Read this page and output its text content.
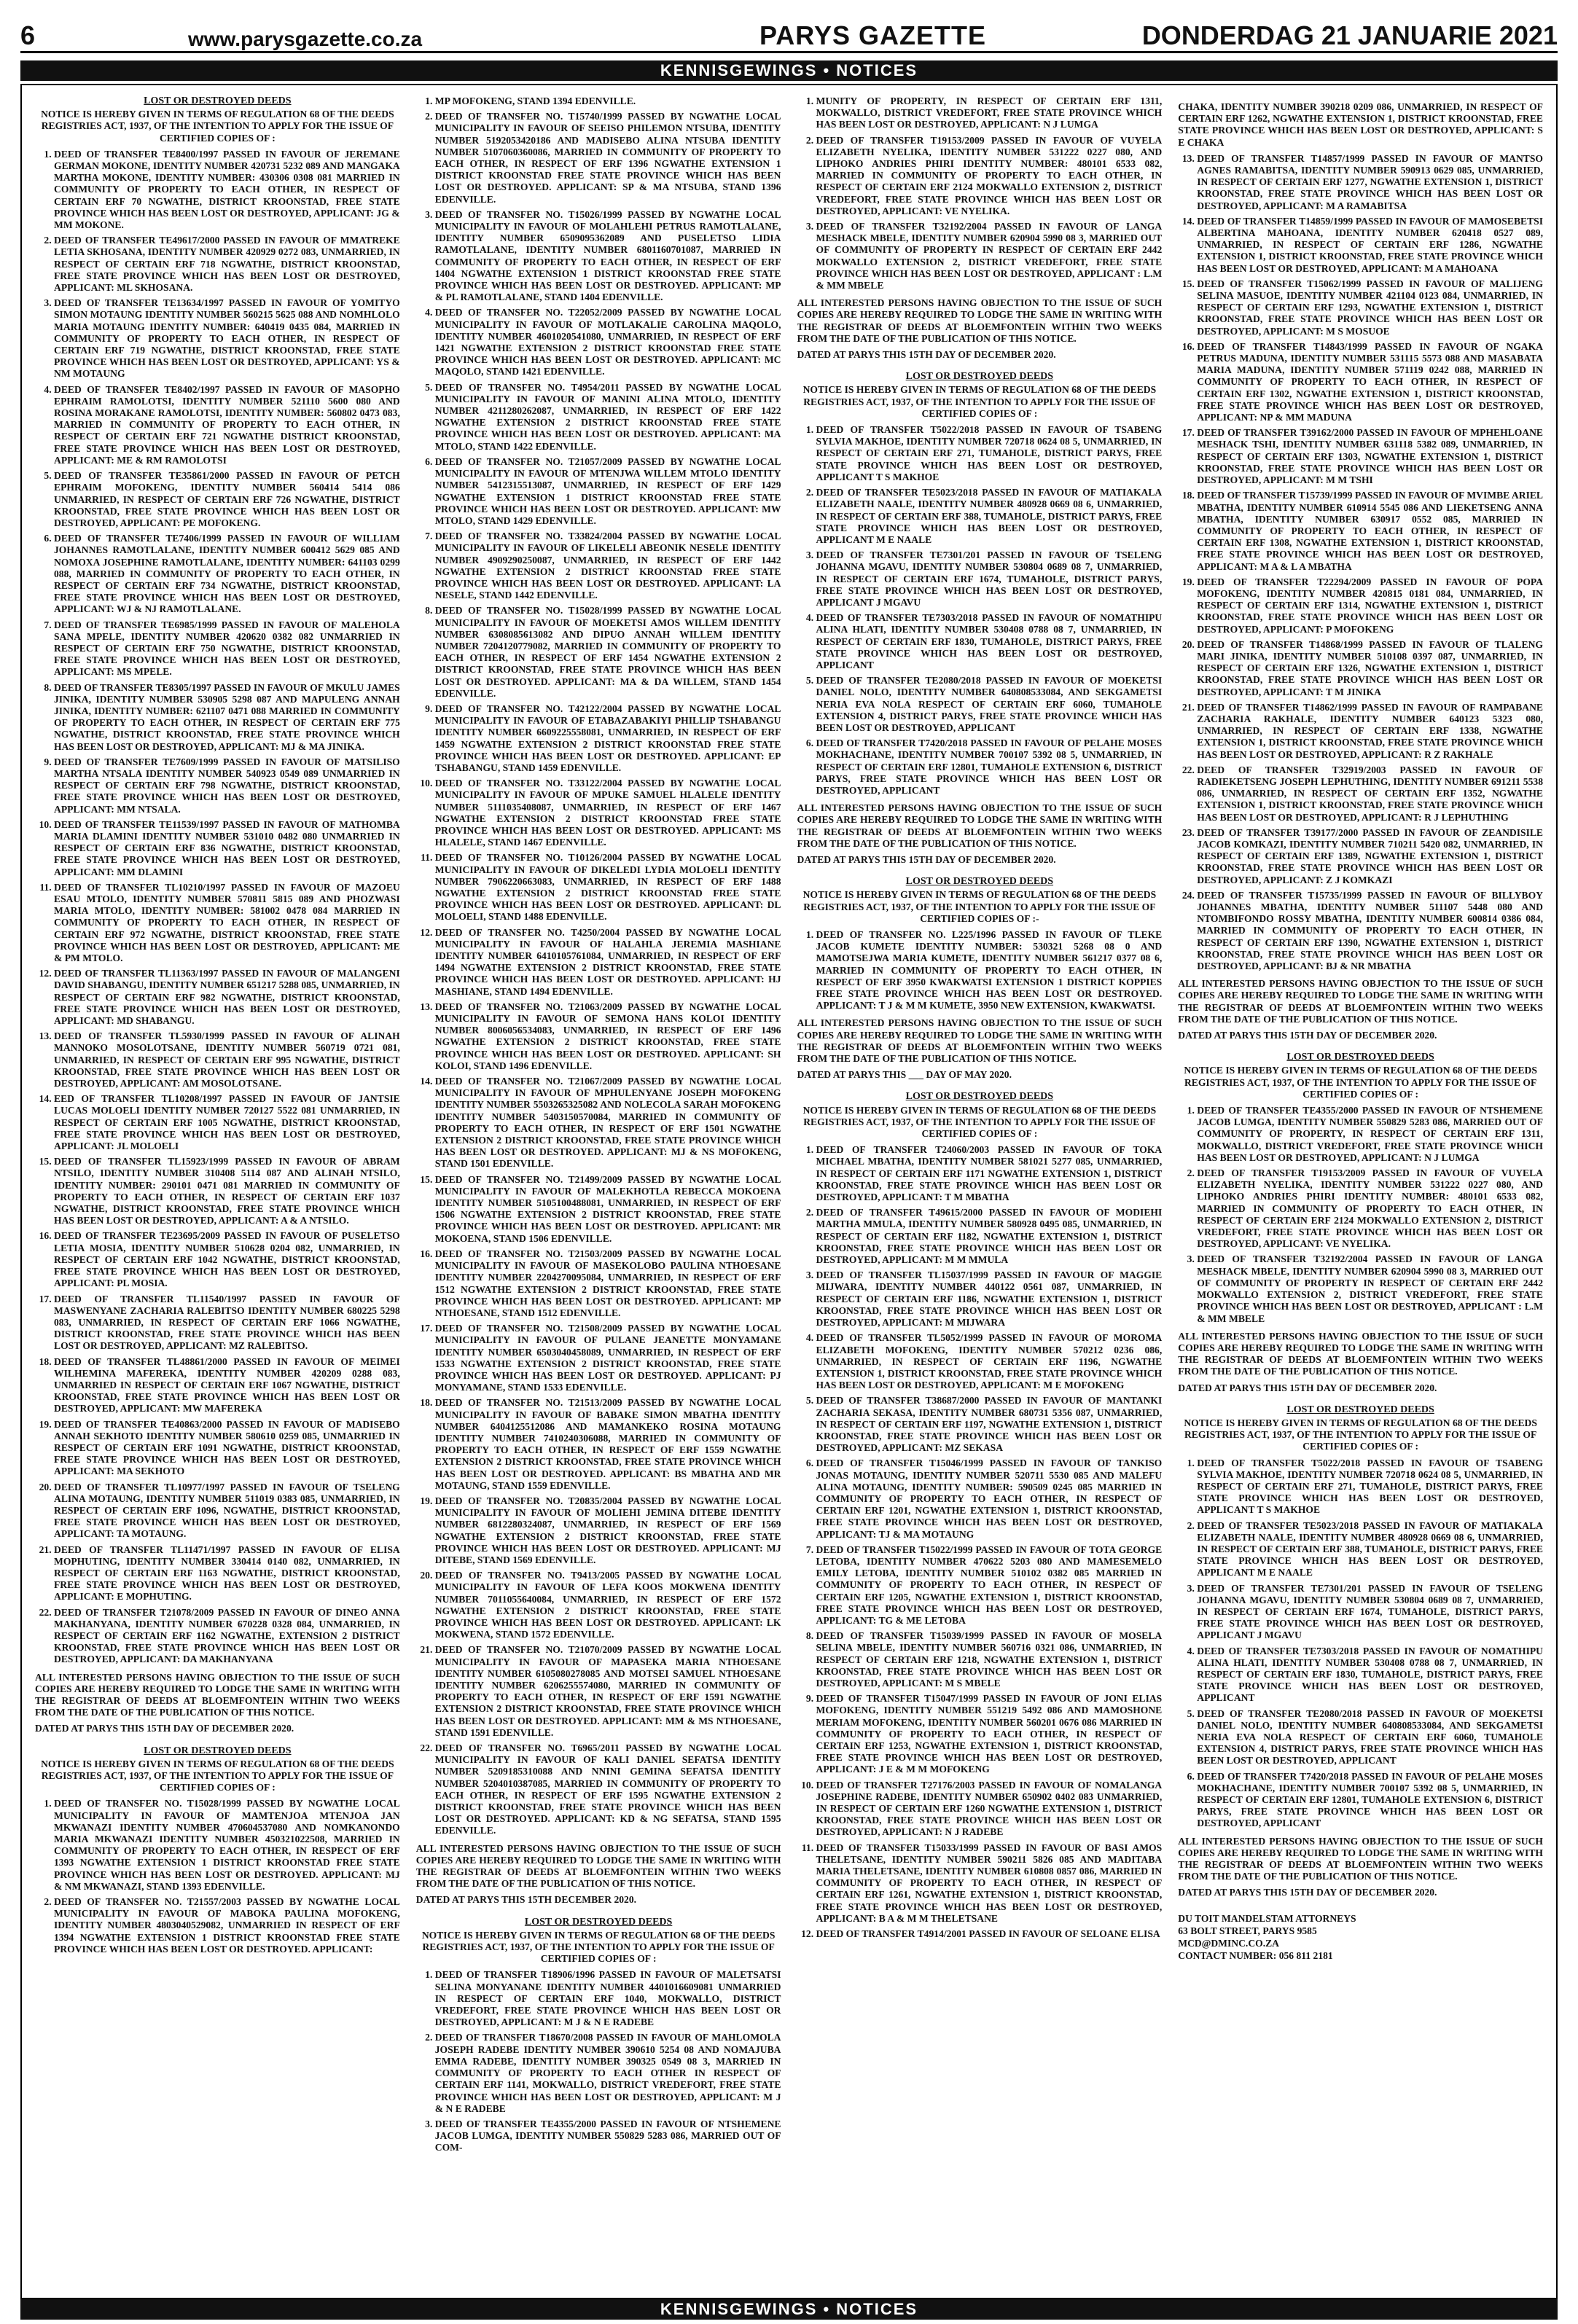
6	www.parysgazette.co.za	PARYS GAZETTE	DONDERDAG 21 JANUARIE 2021
KENNISGEWINGS • NOTICES
LOST OR DESTROYED DEEDS

NOTICE IS HEREBY GIVEN IN TERMS OF REGULATION 68 OF THE DEEDS REGISTRIES ACT, 1937, OF THE INTENTION TO APPLY FOR THE ISSUE OF CERTIFIED COPIES OF :

1. DEED OF TRANSFER TE8400/1997 PASSED IN FAVOUR OF JEREMANE GERMAN MOKONE, IDENTITY NUMBER 420731 5232 089 AND MANGAKA MARTHA MOKONE, IDENTITY NUMBER: 430306 0308 081 MARRIED IN COMMUNITY OF PROPERTY TO EACH OTHER, IN RESPECT OF CERTAIN ERF 70 NGWATHE, DISTRICT KROONSTAD, FREE STATE PROVINCE WHICH HAS BEEN LOST OR DESTROYED, APPLICANT: JG & MM MOKONE.
2. DEED OF TRANSFER TE49617/2000 PASSED IN FAVOUR OF MMATREKE LETIA SKHOSANA, IDENTITY NUMBER 420929 0272 083, UNMARRIED, IN RESPECT OF CERTAIN ERF 718 NGWATHE, DISTRICT KROONSTAD, FREE STATE PROVINCE WHICH HAS BEEN LOST OR DESTROYED, APPLICANT: ML SKHOSANA.
3. DEED OF TRANSFER TE13634/1997 PASSED IN FAVOUR OF YOMITYO SIMON MOTAUNG IDENTITY NUMBER 560215 5625 088 AND NOMHLOLO MARIA MOTAUNG IDENTITY NUMBER: 640419 0435 084, MARRIED IN COMMUNITY OF PROPERTY TO EACH OTHER, IN RESPECT OF CERTAIN ERF 719 NGWATHE, DISTRICT KROONSTAD, FREE STATE PROVINCE WHICH HAS BEEN LOST OR DESTROYED, APPLICANT: YS & NM MOTAUNG
4. DEED OF TRANSFER TE8402/1997 PASSED IN FAVOUR OF MASOPHO EPHRAIM RAMOLOTSI, IDENTITY NUMBER 521110 5600 080 AND ROSINA MORAKANE RAMOLOTSI, IDENTITY NUMBER: 560802 0473 083, MARRIED IN COMMUNITY OF PROPERTY TO EACH OTHER, IN RESPECT OF CERTAIN ERF 721 NGWATHE DISTRICT KROONSTAD, FREE STATE PROVINCE WHICH HAS BEEN LOST OR DESTROYED, APPLICANT: ME & RM RAMOLOTSI
5. DEED OF TRANSFER TE35861/2000 PASSED IN FAVOUR OF PETCH EPHRAIM MOFOKENG, IDENTITY NUMBER 560414 5414 086 UNMARRIED, IN RESPECT OF CERTAIN ERF 726 NGWATHE, DISTRICT KROONSTAD, FREE STATE PROVINCE WHICH HAS BEEN LOST OR DESTROYED, APPLICANT: PE MOFOKENG.
6. DEED OF TRANSFER TE7406/1999 PASSED IN FAVOUR OF WILLIAM JOHANNES RAMOTLALANE, IDENTITY NUMBER 600412 5629 085 AND NOMOXA JOSEPHINE RAMOTLALANE, IDENTITY NUMBER: 641103 0299 088, MARRIED IN COMMUNITY OF PROPERTY TO EACH OTHER, IN RESPECT OF CERTAIN ERF 734 NGWATHE, DISTRICT KROONSTAD, FREE STATE PROVINCE WHICH HAS BEEN LOST OR DESTROYED, APPLICANT: WJ & NJ RAMOTLALANE.
7. DEED OF TRANSFER TE6985/1999 PASSED IN FAVOUR OF MALEHOLA SANA MPELE, IDENTITY NUMBER 420620 0382 082 UNMARRIED IN RESPECT OF CERTAIN ERF 750 NGWATHE, DISTRICT KROONSTAD, FREE STATE PROVINCE WHICH HAS BEEN LOST OR DESTROYED, APPLICANT: MS MPELE.
8. DEED OF TRANSFER TE8305/1997 PASSED IN FAVOUR OF MKULU JAMES JINIKA, IDENTITY NUMBER 530905 5298 087 AND MAPULENG ANNAH JINIKA, IDENTITY NUMBER: 621107 0471 088 MARRIED IN COMMUNITY OF PROPERTY TO EACH OTHER, IN RESPECT OF CERTAIN ERF 775 NGWATHE, DISTRICT KROONSTAD, FREE STATE PROVINCE WHICH HAS BEEN LOST OR DESTROYED, APPLICANT: MJ & MA JINIKA.
9. DEED OF TRANSFER TE7609/1999 PASSED IN FAVOUR OF MATSILISO MARTHA NTSALA IDENTITY NUMBER 540923 0549 089 UNMARRIED IN RESPECT OF CERTAIN ERF 798 NGWATHE, DISTRICT KROONSTAD, FREE STATE PROVINCE WHICH HAS BEEN LOST OR DESTROYED, APPLICANT: MM NTSALA.
10. DEED OF TRANSFER TE11539/1997 PASSED IN FAVOUR OF MATHOMBA MARIA DLAMINI IDENTITY NUMBER 531010 0482 080 UNMARRIED IN RESPECT OF CERTAIN ERF 836 NGWATHE, DISTRICT KROONSTAD, FREE STATE PROVINCE WHICH HAS BEEN LOST OR DESTROYED, APPLICANT: MM DLAMINI
11. DEED OF TRANSFER TL10210/1997 PASSED IN FAVOUR OF MAZOEU ESAU MTOLO, IDENTITY NUMBER 570811 5815 089 AND PHOZWASI MARIA MTOLO, IDENTITY NUMBER: 581002 0478 084 MARRIED IN COMMUNITY OF PROPERTY TO EACH OTHER, IN RESPECT OF CERTAIN ERF 972 NGWATHE, DISTRICT KROONSTAD, FREE STATE PROVINCE WHICH HAS BEEN LOST OR DESTROYED, APPLICANT: ME & PM MTOLO.
12. DEED OF TRANSFER TL11363/1997 PASSED IN FAVOUR OF MALANGENI DAVID SHABANGU, IDENTITY NUMBER 651217 5288 085, UNMARRIED, IN RESPECT OF CERTAIN ERF 982 NGWATHE, DISTRICT KROONSTAD, FREE STATE PROVINCE WHICH HAS BEEN LOST OR DESTROYED, APPLICANT: MD SHABANGU.
13. DEED OF TRANSFER TL5930/1999 PASSED IN FAVOUR OF ALINAH MANNOKO MOSOLOTSANE, IDENTITY NUMBER 560719 0721 081, UNMARRIED, IN RESPECT OF CERTAIN ERF 995 NGWATHE, DISTRICT KROONSTAD, FREE STATE PROVINCE WHICH HAS BEEN LOST OR DESTROYED, APPLICANT: AM MOSOLOTSANE.
14. EED OF TRANSFER TL10208/1997 PASSED IN FAVOUR OF JANTSIE LUCAS MOLOELI IDENTITY NUMBER 720127 5522 081 UNMARRIED, IN RESPECT OF CERTAIN ERF 1005 NGWATHE, DISTRICT KROONSTAD, FREE STATE PROVINCE WHICH HAS BEEN LOST OR DESTROYED, APPLICANT: JL MOLOELI
15. DEED OF TRANSFER TL15923/1999 PASSED IN FAVOUR OF ABRAM NTSILO, IDENTITY NUMBER 310408 5114 087 AND ALINAH NTSILO, IDENTITY NUMBER: 290101 0471 081 MARRIED IN COMMUNITY OF PROPERTY TO EACH OTHER, IN RESPECT OF CERTAIN ERF 1037 NGWATHE, DISTRICT KROONSTAD, FREE STATE PROVINCE WHICH HAS BEEN LOST OR DESTROYED, APPLICANT: A & A NTSILO.
16. DEED OF TRANSFER TE23695/2009 PASSED IN FAVOUR OF PUSELETSO LETIA MOSIA, IDENTITY NUMBER 510628 0204 082, UNMARRIED, IN RESPECT OF CERTAIN ERF 1042 NGWATHE, DISTRICT KROONSTAD, FREE STATE PROVINCE WHICH HAS BEEN LOST OR DESTROYED, APPLICANT: PL MOSIA.
17. DEED OF TRANSFER TL11540/1997 PASSED IN FAVOUR OF MASWENYANE ZACHARIA RALEBITSO IDENTITY NUMBER 680225 5298 083, UNMARRIED, IN RESPECT OF CERTAIN ERF 1066 NGWATHE, DISTRICT KROONSTAD, FREE STATE PROVINCE WHICH HAS BEEN LOST OR DESTROYED, APPLICANT: MZ RALEBITSO.
18. DEED OF TRANSFER TL48861/2000 PASSED IN FAVOUR OF MEIMEI WILHEMINA MAFEREKA, IDENTITY NUMBER 420209 0288 083, UNMARRIED IN RESPECT OF CERTAIN ERF 1067 NGWATHE, DISTRICT KROONSTAD, FREE STATE PROVINCE WHICH HAS BEEN LOST OR DESTROYED, APPLICANT: MW MAFEREKA
19. DEED OF TRANSFER TE40863/2000 PASSED IN FAVOUR OF MADISEBO ANNAH SEKHOTO IDENTITY NUMBER 580610 0259 085, UNMARRIED IN RESPECT OF CERTAIN ERF 1091 NGWATHE, DISTRICT KROONSTAD, FREE STATE PROVINCE WHICH HAS BEEN LOST OR DESTROYED, APPLICANT: MA SEKHOTO
20. DEED OF TRANSFER TL10977/1997 PASSED IN FAVOUR OF TSELENG ALINA MOTAUNG, IDENTITY NUMBER 511019 0383 085, UNMARRIED, IN RESPECT OF CERTAIN ERF 1096, NGWATHE, DISTRICT KROONSTAD, FREE STATE PROVINCE WHICH HAS BEEN LOST OR DESTROYED, APPLICANT: TA MOTAUNG.
21. DEED OF TRANSFER TL11471/1997 PASSED IN FAVOUR OF ELISA MOPHUTING, IDENTITY NUMBER 330414 0140 082, UNMARRIED, IN RESPECT OF CERTAIN ERF 1163 NGWATHE, DISTRICT KROONSTAD, FREE STATE PROVINCE WHICH HAS BEEN LOST OR DESTROYED, APPLICANT: E MOPHUTING.
22. DEED OF TRANSFER T21078/2009 PASSED IN FAVOUR OF DINEO ANNA MAKHANYANA, IDENTITY NUMBER 670228 0328 084, UNMARRIED, IN RESPECT OF CERTAIN ERF 1162 NGWATHE, EXTENSION 2 DISTRICT KROONSTAD, FREE STATE PROVINCE WHICH HAS BEEN LOST OR DESTROYED, APPLICANT: DA MAKHANYANA

ALL INTERESTED PERSONS HAVING OBJECTION TO THE ISSUE OF SUCH COPIES ARE HEREBY REQUIRED TO LODGE THE SAME IN WRITING WITH THE REGISTRAR OF DEEDS AT BLOEMFONTEIN WITHIN TWO WEEKS FROM THE DATE OF THE PUBLICATION OF THIS NOTICE.

DATED AT PARYS THIS 15TH DAY OF DECEMBER 2020.

LOST OR DESTROYED DEEDS

NOTICE IS HEREBY GIVEN IN TERMS OF REGULATION 68 OF THE DEEDS REGISTRIES ACT, 1937, OF THE INTENTION TO APPLY FOR THE ISSUE OF CERTIFIED COPIES OF :

1. DEED OF TRANSFER NO. T15028/1999 PASSED BY NGWATHE LOCAL MUNICIPALITY IN FAVOUR OF MAMTENJOA MTENJOA JAN MKWANAZI IDENTITY NUMBER 470604537080 AND NOMKANONDO MARIA MKWANAZI IDENTITY NUMBER 450321022508, MARRIED IN COMMUNITY OF PROPERTY TO EACH OTHER, IN RESPECT OF ERF 1393 NGWATHE EXTENSION 1 DISTRICT KROONSTAD FREE STATE PROVINCE WHICH HAS BEEN LOST OR DESTROYED. APPLICANT: MJ & NM MKWANAZI, STAND 1393 EDENVILLE.
2. DEED OF TRANSFER NO. T21557/2003 PASSED BY NGWATHE LOCAL MUNICIPALITY IN FAVOUR OF MABOKA PAULINA MOFOKENG, IDENTITY NUMBER 4803040529082, UNMARRIED IN RESPECT OF ERF 1394 NGWATHE EXTENSION 1 DISTRICT KROONSTAD FREE STATE PROVINCE WHICH HAS BEEN LOST OR DESTROYED. APPLICANT:
1. MP MOFOKENG, STAND 1394 EDENVILLE.
2. DEED OF TRANSFER NO. T15740/1999 PASSED BY NGWATHE LOCAL MUNICIPALITY IN FAVOUR OF SEEISO PHILEMON NTSUBA, IDENTITY NUMBER 5192053420186 AND MADISEBO ALINA NTSUBA IDENTITY NUMBER 5107060360086, MARRIED IN COMMUNITY OF PROPERTY TO EACH OTHER, IN RESPECT OF ERF 1396 NGWATHE EXTENSION 1 DISTRICT KROONSTAD FREE STATE PROVINCE WHICH HAS BEEN LOST OR DESTROYED. APPLICANT: SP & MA NTSUBA, STAND 1396 EDENVILLE.
3. DEED OF TRANSFER NO. T15026/1999 PASSED BY NGWATHE LOCAL MUNICIPALITY IN FAVOUR OF MOLAHLEHI PETRUS RAMOTLALANE, IDENTITY NUMBER 6509095362089 AND PUSELETSO LIDIA RAMOTLALANE, IDENTITY NUMBER 6801160701087, MARRIED IN COMMUNITY OF PROPERTY TO EACH OTHER, IN RESPECT OF ERF 1404 NGWATHE EXTENSION 1 DISTRICT KROONSTAD FREE STATE PROVINCE WHICH HAS BEEN LOST OR DESTROYED. APPLICANT: MP & PL RAMOTLALANE, STAND 1404 EDENVILLE.
4. DEED OF TRANSFER NO. T22052/2009 PASSED BY NGWATHE LOCAL MUNICIPALITY IN FAVOUR OF MOTLAKALIE CAROLINA MAQOLO, IDENTITY NUMBER 4601020541080, UNMARRIED, IN RESPECT OF ERF 1421 NGWATHE EXTENSION 2 DISTRICT KROONSTAD FREE STATE PROVINCE WHICH HAS BEEN LOST OR DESTROYED. APPLICANT: MC MAQOLO, STAND 1421 EDENVILLE.
5. DEED OF TRANSFER NO. T4954/2011 PASSED BY NGWATHE LOCAL MUNICIPALITY IN FAVOUR OF MANINI ALINA MTOLO, IDENTITY NUMBER 4211280262087, UNMARRIED, IN RESPECT OF ERF 1422 NGWATHE EXTENSION 2 DISTRICT KROONSTAD FREE STATE PROVINCE WHICH HAS BEEN LOST OR DESTROYED. APPLICANT: MA MTOLO, STAND 1422 EDENVILLE.
6. DEED OF TRANSFER NO. T21057/2009 PASSED BY NGWATHE LOCAL MUNICIPALITY IN FAVOUR OF MTENJWA WILLEM MTOLO IDENTITY NUMBER 5412315513087, UNMARRIED, IN RESPECT OF ERF 1429 NGWATHE EXTENSION 1 DISTRICT KROONSTAD FREE STATE PROVINCE WHICH HAS BEEN LOST OR DESTROYED. APPLICANT: MW MTOLO, STAND 1429 EDENVILLE.
7. DEED OF TRANSFER NO. T33824/2004 PASSED BY NGWATHE LOCAL MUNICIPALITY IN FAVOUR OF LIKELELI ABEONIK NESELE IDENTITY NUMBER 4909290250087, UNMARRIED, IN RESPECT OF ERF 1442 NGWATHE EXTENSION 2 DISTRICT KROONSTAD FREE STATE PROVINCE WHICH HAS BEEN LOST OR DESTROYED. APPLICANT: LA NESELE, STAND 1442 EDENVILLE.
8. DEED OF TRANSFER NO. T15028/1999 PASSED BY NGWATHE LOCAL MUNICIPALITY IN FAVOUR OF MOEKETSI AMOS WILLEM IDENTITY NUMBER 6308085613082 AND DIPUO ANNAH WILLEM IDENTITY NUMBER 7204120779082, MARRIED IN COMMUNITY OF PROPERTY TO EACH OTHER, IN RESPECT OF ERF 1454 NGWATHE EXTENSION 2 DISTRICT KROONSTAD, FREE STATE PROVINCE WHICH HAS BEEN LOST OR DESTROYED. APPLICANT: MA & DA WILLEM, STAND 1454 EDENVILLE.
9. DEED OF TRANSFER NO. T42122/2004 PASSED BY NGWATHE LOCAL MUNICIPALITY IN FAVOUR OF ETABAZABAKIYI PHILLIP TSHABANGU IDENTITY NUMBER 6609225558081, UNMARRIED, IN RESPECT OF ERF 1459 NGWATHE EXTENSION 2 DISTRICT KROONSTAD FREE STATE PROVINCE WHICH HAS BEEN LOST OR DESTROYED. APPLICANT: EP TSHABANGU, STAND 1459 EDENVILLE.
10. DEED OF TRANSFER NO. T33122/2004 PASSED BY NGWATHE LOCAL MUNICIPALITY IN FAVOUR OF MPUKE SAMUEL HLALELE IDENTITY NUMBER 5111035408087, UNMARRIED, IN RESPECT OF ERF 1467 NGWATHE EXTENSION 2 DISTRICT KROONSTAD FREE STATE PROVINCE WHICH HAS BEEN LOST OR DESTROYED. APPLICANT: MS HLALELE, STAND 1467 EDENVILLE.
11. DEED OF TRANSFER NO. T10126/2004 PASSED BY NGWATHE LOCAL MUNICIPALITY IN FAVOUR OF DIKELEDI LYDIA MOLOELI IDENTITY NUMBER 7906220663083, UNMARRIED, IN RESPECT OF ERF 1488 NGWATHE EXTENSION 2 DISTRICT KROONSTAD FREE STATE PROVINCE WHICH HAS BEEN LOST OR DESTROYED. APPLICANT: DL MOLOELI, STAND 1488 EDENVILLE.
12. DEED OF TRANSFER NO. T4250/2004 PASSED BY NGWATHE LOCAL MUNICIPALITY IN FAVOUR OF HALAHLA JEREMIA MASHIANE IDENTITY NUMBER 6410105761084, UNMARRIED, IN RESPECT OF ERF 1494 NGWATHE EXTENSION 2 DISTRICT KROONSTAD, FREE STATE PROVINCE WHICH HAS BEEN LOST OR DESTROYED. APPLICANT: HJ MASHIANE, STAND 1494 EDENVILLE.
13. DEED OF TRANSFER NO. T21063/2009 PASSED BY NGWATHE LOCAL MUNICIPALITY IN FAVOUR OF SEMONA HANS KOLOI IDENTITY NUMBER 8006056534083, UNMARRIED, IN RESPECT OF ERF 1496 NGWATHE EXTENSION 2 DISTRICT KROONSTAD, FREE STATE PROVINCE WHICH HAS BEEN LOST OR DESTROYED. APPLICANT: SH KOLOI, STAND 1496 EDENVILLE.
14. DEED OF TRANSFER NO. T21067/2009 PASSED BY NGWATHE LOCAL MUNICIPALITY IN FAVOUR OF MPHULENYANE JOSEPH MOFOKENG IDENTITY NUMBER 5503265325082 AND NOLECOLA SARAH MOFOKENG IDENTITY NUMBER 5403150570084, MARRIED IN COMMUNITY OF PROPERTY TO EACH OTHER, IN RESPECT OF ERF 1501 NGWATHE EXTENSION 2 DISTRICT KROONSTAD, FREE STATE PROVINCE WHICH HAS BEEN LOST OR DESTROYED. APPLICANT: MJ & NS MOFOKENG, STAND 1501 EDENVILLE.
15. DEED OF TRANSFER NO. T21499/2009 PASSED BY NGWATHE LOCAL MUNICIPALITY IN FAVOUR OF MALEKHOTLA REBECCA MOKOENA IDENTITY NUMBER 5105100488081, UNMARRIED, IN RESPECT OF ERF 1506 NGWATHE EXTENSION 2 DISTRICT KROONSTAD, FREE STATE PROVINCE WHICH HAS BEEN LOST OR DESTROYED. APPLICANT: MR MOKOENA, STAND 1506 EDENVILLE.
16. DEED OF TRANSFER NO. T21503/2009 PASSED BY NGWATHE LOCAL MUNICIPALITY IN FAVOUR OF MASEKOLOBO PAULINA NTHOESANE IDENTITY NUMBER 2204270095084, UNMARRIED, IN RESPECT OF ERF 1512 NGWATHE EXTENSION 2 DISTRICT KROONSTAD, FREE STATE PROVINCE WHICH HAS BEEN LOST OR DESTROYED. APPLICANT: MP NTHOESANE, STAND 1512 EDENVILLE.
17. DEED OF TRANSFER NO. T21508/2009 PASSED BY NGWATHE LOCAL MUNICIPALITY IN FAVOUR OF PULANE JEANETTE MONYAMANE IDENTITY NUMBER 6503040458089, UNMARRIED, IN RESPECT OF ERF 1533 NGWATHE EXTENSION 2 DISTRICT KROONSTAD, FREE STATE PROVINCE WHICH HAS BEEN LOST OR DESTROYED. APPLICANT: PJ MONYAMANE, STAND 1533 EDENVILLE.
18. DEED OF TRANSFER NO. T21513/2009 PASSED BY NGWATHE LOCAL MUNICIPALITY IN FAVOUR OF BABAKE SIMON MBATHA IDENTITY NUMBER 6404125512086 AND MAMANKEKO ROSINA MOTAUNG IDENTITY NUMBER 7410240306088, MARRIED IN COMMUNITY OF PROPERTY TO EACH OTHER, IN RESPECT OF ERF 1559 NGWATHE EXTENSION 2 DISTRICT KROONSTAD, FREE STATE PROVINCE WHICH HAS BEEN LOST OR DESTROYED. APPLICANT: BS MBATHA AND MR MOTAUNG, STAND 1559 EDENVILLE.
19. DEED OF TRANSFER NO. T20835/2004 PASSED BY NGWATHE LOCAL MUNICIPALITY IN FAVOUR OF MOLIEHI JEMINA DITEBE IDENTITY NUMBER 6812280324087, UNMARRIED, IN RESPECT OF ERF 1569 NGWATHE EXTENSION 2 DISTRICT KROONSTAD, FREE STATE PROVINCE WHICH HAS BEEN LOST OR DESTROYED. APPLICANT: MJ DITEBE, STAND 1569 EDENVILLE.
20. DEED OF TRANSFER NO. T9413/2005 PASSED BY NGWATHE LOCAL MUNICIPALITY IN FAVOUR OF LEFA KOOS MOKWENA IDENTITY NUMBER 7011055640084, UNMARRIED, IN RESPECT OF ERF 1572 NGWATHE EXTENSION 2 DISTRICT KROONSTAD, FREE STATE PROVINCE WHICH HAS BEEN LOST OR DESTROYED. APPLICANT: LK MOKWENA, STAND 1572 EDENVILLE.
21. DEED OF TRANSFER NO. T21070/2009 PASSED BY NGWATHE LOCAL MUNICIPALITY IN FAVOUR OF MAPASEKA MARIA NTHOESANE IDENTITY NUMBER 6105080278085 AND MOTSEI SAMUEL NTHOESANE IDENTITY NUMBER 6206255574080, MARRIED IN COMMUNITY OF PROPERTY TO EACH OTHER, IN RESPECT OF ERF 1591 NGWATHE EXTENSION 2 DISTRICT KROONSTAD, FREE STATE PROVINCE WHICH HAS BEEN LOST OR DESTROYED. APPLICANT: MM & MS NTHOESANE, STAND 1591 EDENVILLE.
22. DEED OF TRANSFER NO. T6965/2011 PASSED BY NGWATHE LOCAL MUNICIPALITY IN FAVOUR OF KALI DANIEL SEFATSA IDENTITY NUMBER 5209185310088 AND NNINI GEMINA SEFATSA IDENTITY NUMBER 5204010387085, MARRIED IN COMMUNITY OF PROPERTY TO EACH OTHER, IN RESPECT OF ERF 1595 NGWATHE EXTENSION 2 DISTRICT KROONSTAD, FREE STATE PROVINCE WHICH HAS BEEN LOST OR DESTROYED. APPLICANT: KD & NG SEFATSA, STAND 1595 EDENVILLE.

ALL INTERESTED PERSONS HAVING OBJECTION TO THE ISSUE OF SUCH COPIES ARE HEREBY REQUIRED TO LODGE THE SAME IN WRITING WITH THE REGISTRAR OF DEEDS AT BLOEMFONTEIN WITHIN TWO WEEKS FROM THE DATE OF THE PUBLICATION OF THIS NOTICE.

DATED AT PARYS THIS 15TH DECEMBER 2020.

LOST OR DESTROYED DEEDS

NOTICE IS HEREBY GIVEN IN TERMS OF REGULATION 68 OF THE DEEDS REGISTRIES ACT, 1937, OF THE INTENTION TO APPLY FOR THE ISSUE OF CERTIFIED COPIES OF :

1. DEED OF TRANSFER T18906/1996 PASSED IN FAVOUR OF MALETSATSI SELINA MONYANANE IDENTITY NUMBER 4401016609081 UNMARRIED IN RESPECT OF CERTAIN ERF 1040, MOKWALLO, DISTRICT VREDEFORT, FREE STATE PROVINCE WHICH HAS BEEN LOST OR DESTROYED, APPLICANT: M J & N E RADEBE
2. DEED OF TRANSFER T18670/2008 PASSED IN FAVOUR OF MAHLOMOLA JOSEPH RADEBE IDENTITY NUMBER 390610 5254 08 AND NOMAJUBA EMMA RADEBE, IDENTITY NUMBER 390325 0549 08 3, MARRIED IN COMMUNITY OF PROPERTY TO EACH OTHER IN RESPECT OF CERTAIN ERF 1141, MOKWALLO, DISTRICT VREDEFORT, FREE STATE PROVINCE WHICH HAS BEEN LOST OR DESTROYED, APPLICANT: M J & N E RADEBE
3. DEED OF TRANSFER TE4355/2000 PASSED IN FAVOUR OF NTSHEMENE JACOB LUMGA, IDENTITY NUMBER 550829 5283 086, MARRIED OUT OF COM-
1. MUNITY OF PROPERTY, IN RESPECT OF CERTAIN ERF 1311, MOKWALLO, DISTRICT VREDEFORT, FREE STATE PROVINCE WHICH HAS BEEN LOST OR DESTROYED, APPLICANT: N J LUMGA
2. DEED OF TRANSFER T19153/2009 PASSED IN FAVOUR OF VUYELA ELIZABETH NYELIKA, IDENTITY NUMBER 531222 0227 080, AND LIPHOKO ANDRIES PHIRI IDENTITY NUMBER: 480101 6533 082, MARRIED IN COMMUNITY OF PROPERTY TO EACH OTHER, IN RESPECT OF CERTAIN ERF 2124 MOKWALLO EXTENSION 2, DISTRICT VREDEFORT, FREE STATE PROVINCE WHICH HAS BEEN LOST OR DESTROYED, APPLICANT: VE NYELIKA.
3. DEED OF TRANSFER T32192/2004 PASSED IN FAVOUR OF LANGA MESHACK MBELE, IDENTITY NUMBER 620904 5990 08 3, MARRIED OUT OF COMMUNITY OF PROPERTY IN RESPECT OF CERTAIN ERF 2442 MOKWALLO EXTENSION 2, DISTRICT VREDEFORT, FREE STATE PROVINCE WHICH HAS BEEN LOST OR DESTROYED, APPLICANT : L.M & MM MBELE

ALL INTERESTED PERSONS HAVING OBJECTION TO THE ISSUE OF SUCH COPIES ARE HEREBY REQUIRED TO LODGE THE SAME IN WRITING WITH THE REGISTRAR OF DEEDS AT BLOEMFONTEIN WITHIN TWO WEEKS FROM THE DATE OF THE PUBLICATION OF THIS NOTICE.

DATED AT PARYS THIS 15TH DAY OF DECEMBER 2020.

LOST OR DESTROYED DEEDS

NOTICE IS HEREBY GIVEN IN TERMS OF REGULATION 68 OF THE DEEDS REGISTRIES ACT, 1937, OF THE INTENTION TO APPLY FOR THE ISSUE OF CERTIFIED COPIES OF :

1. DEED OF TRANSFER T5022/2018 PASSED IN FAVOUR OF TSABENG SYLVIA MAKHOE, IDENTITY NUMBER 720718 0624 08 5, UNMARRIED, IN RESPECT OF CERTAIN ERF 271, TUMAHOLE, DISTRICT PARYS, FREE STATE PROVINCE WHICH HAS BEEN LOST OR DESTROYED, APPLICANT T S MAKHOE
2. DEED OF TRANSFER TE5023/2018 PASSED IN FAVOUR OF MATIAKALA ELIZABETH NAALE, IDENTITY NUMBER 480928 0669 08 6, UNMARRIED, IN RESPECT OF CERTAIN ERF 388, TUMAHOLE, DISTRICT PARYS, FREE STATE PROVINCE WHICH HAS BEEN LOST OR DESTROYED, APPLICANT M E NAALE
3. DEED OF TRANSFER TE7301/201 PASSED IN FAVOUR OF TSELENG JOHANNA MGAVU, IDENTITY NUMBER 530804 0689 08 7, UNMARRIED, IN RESPECT OF CERTAIN ERF 1674, TUMAHOLE, DISTRICT PARYS, FREE STATE PROVINCE WHICH HAS BEEN LOST OR DESTROYED, APPLICANT J MGAVU
4. DEED OF TRANSFER TE7303/2018 PASSED IN FAVOUR OF NOMATHIPU ALINA HLATI, IDENTITY NUMBER 530408 0788 08 7, UNMARRIED, IN RESPECT OF CERTAIN ERF 1830, TUMAHOLE, DISTRICT PARYS, FREE STATE PROVINCE WHICH HAS BEEN LOST OR DESTROYED, APPLICANT
5. DEED OF TRANSFER TE2080/2018 PASSED IN FAVOUR OF MOEKETSI DANIEL NOLO, IDENTITY NUMBER 640808533084, AND SEKGAMETSI NERIA EVA NOLA RESPECT OF CERTAIN ERF 6060, TUMAHOLE EXTENSION 4, DISTRICT PARYS, FREE STATE PROVINCE WHICH HAS BEEN LOST OR DESTROYED, APPLICANT
6. DEED OF TRANSFER T7420/2018 PASSED IN FAVOUR OF PELAHE MOSES MOKHACHANE, IDENTITY NUMBER 700107 5392 08 5, UNMARRIED, IN RESPECT OF CERTAIN ERF 12801, TUMAHOLE EXTENSION 6, DISTRICT PARYS, FREE STATE PROVINCE WHICH HAS BEEN LOST OR DESTROYED, APPLICANT

ALL INTERESTED PERSONS HAVING OBJECTION TO THE ISSUE OF SUCH COPIES ARE HEREBY REQUIRED TO LODGE THE SAME IN WRITING WITH THE REGISTRAR OF DEEDS AT BLOEMFONTEIN WITHIN TWO WEEKS FROM THE DATE OF THE PUBLICATION OF THIS NOTICE.

DATED AT PARYS THIS 15TH DAY OF DECEMBER 2020.

LOST OR DESTROYED DEEDS

NOTICE IS HEREBY GIVEN IN TERMS OF REGULATION 68 OF THE DEEDS REGISTRIES ACT, 1937, OF THE INTENTION TO APPLY FOR THE ISSUE OF CERTIFIED COPIES OF :-

1. DEED OF TRANSFER NO. L225/1996 PASSED IN FAVOUR OF TLEKE JACOB KUMETE IDENTITY NUMBER: 530321 5268 08 0 AND MAMOTSEJWA MARIA KUMETE, IDENTITY NUMBER 561217 0377 08 6, MARRIED IN COMMUNITY OF PROPERTY TO EACH OTHER, IN RESPECT OF ERF 3950 KWAKWATSI EXTENSION 1 DISTRICT KOPPIES FREE STATE PROVINCE WHICH HAS BEEN LOST OR DESTROYED. APPLICANT: T J & M M KUMETE, 3950 NEW EXTENSION, KWAKWATSI.

ALL INTERESTED PERSONS HAVING OBJECTION TO THE ISSUE OF SUCH COPIES ARE HEREBY REQUIRED TO LODGE THE SAME IN WRITING WITH THE REGISTRAR OF DEEDS AT BLOEMFONTEIN WITHIN TWO WEEKS FROM THE DATE OF THE PUBLICATION OF THIS NOTICE.

DATED AT PARYS THIS ___ DAY OF MAY 2020.

LOST OR DESTROYED DEEDS

NOTICE IS HEREBY GIVEN IN TERMS OF REGULATION 68 OF THE DEEDS REGISTRIES ACT, 1937, OF THE INTENTION TO APPLY FOR THE ISSUE OF CERTIFIED COPIES OF :

1. DEED OF TRANSFER T24060/2003 PASSED IN FAVOUR OF TOKA MICHAEL MBATHA, IDENTITY NUMBER 581021 5277 085, UNMARRIED, IN RESPECT OF CERTAIN ERF 1171 NGWATHE EXTENSION 1, DISTRICT KROONSTAD, FREE STATE PROVINCE WHICH HAS BEEN LOST OR DESTROYED, APPLICANT: T M MBATHA
2. DEED OF TRANSFER T49615/2000 PASSED IN FAVOUR OF MODIEHI MARTHA MMULA, IDENTITY NUMBER 580928 0495 085, UNMARRIED, IN RESPECT OF CERTAIN ERF 1182, NGWATHE EXTENSION 1, DISTRICT KROONSTAD, FREE STATE PROVINCE WHICH HAS BEEN LOST OR DESTROYED, APPLICANT: M M MMULA
3. DEED OF TRANSFER TL15037/1999 PASSED IN FAVOUR OF MAGGIE MIJWARA, IDENTITY NUMBER 440122 0561 087, UNMARRIED, IN RESPECT OF CERTAIN ERF 1186, NGWATHE EXTENSION 1, DISTRICT KROONSTAD, FREE STATE PROVINCE WHICH HAS BEEN LOST OR DESTROYED, APPLICANT: M MIJWARA
4. DEED OF TRANSFER TL5052/1999 PASSED IN FAVOUR OF MOROMA ELIZABETH MOFOKENG, IDENTITY NUMBER 570212 0236 086, UNMARRIED, IN RESPECT OF CERTAIN ERF 1196, NGWATHE EXTENSION 1, DISTRICT KROONSTAD, FREE STATE PROVINCE WHICH HAS BEEN LOST OR DESTROYED, APPLICANT: M E MOFOKENG
5. DEED OF TRANSFER T38687/2000 PASSED IN FAVOUR OF MANTANKI ZACHARIA SEKASA, IDENTITY NUMBER 680731 5356 087, UNMARRIED, IN RESPECT OF CERTAIN ERF 1197, NGWATHE EXTENSION 1, DISTRICT KROONSTAD, FREE STATE PROVINCE WHICH HAS BEEN LOST OR DESTROYED, APPLICANT: MZ SEKASA
6. DEED OF TRANSFER T15046/1999 PASSED IN FAVOUR OF TANKISO JONAS MOTAUNG, IDENTITY NUMBER 520711 5530 085 AND MALEFU ALINA MOTAUNG, IDENTITY NUMBER: 590509 0245 085 MARRIED IN COMMUNITY OF PROPERTY TO EACH OTHER, IN RESPECT OF CERTAIN ERF 1201, NGWATHE EXTENSION 1, DISTRICT KROONSTAD, FREE STATE PROVINCE WHICH HAS BEEN LOST OR DESTROYED, APPLICANT: TJ & MA MOTAUNG
7. DEED OF TRANSFER T15022/1999 PASSED IN FAVOUR OF TOTA GEORGE LETOBA, IDENTITY NUMBER 470622 5203 080 AND MAMESEMELO EMILY LETOBA, IDENTITY NUMBER 510102 0382 085 MARRIED IN COMMUNITY OF PROPERTY TO EACH OTHER, IN RESPECT OF CERTAIN ERF 1205, NGWATHE EXTENSION 1, DISTRICT KROONSTAD, FREE STATE PROVINCE WHICH HAS BEEN LOST OR DESTROYED, APPLICANT: TG & ME LETOBA
8. DEED OF TRANSFER T15039/1999 PASSED IN FAVOUR OF MOSELA SELINA MBELE, IDENTITY NUMBER 560716 0321 086, UNMARRIED, IN RESPECT OF CERTAIN ERF 1218, NGWATHE EXTENSION 1, DISTRICT KROONSTAD, FREE STATE PROVINCE WHICH HAS BEEN LOST OR DESTROYED, APPLICANT: M S MBELE
9. DEED OF TRANSFER T15047/1999 PASSED IN FAVOUR OF JONI ELIAS MOFOKENG, IDENTITY NUMBER 551219 5492 086 AND MAMOSHONE MERIAM MOFOKENG, IDENTITY NUMBER 560201 0676 086 MARRIED IN COMMUNITY OF PROPERTY TO EACH OTHER, IN RESPECT OF CERTAIN ERF 1253, NGWATHE EXTENSION 1, DISTRICT KROONSTAD, FREE STATE PROVINCE WHICH HAS BEEN LOST OR DESTROYED, APPLICANT: J E & M M MOFOKENG
10. DEED OF TRANSFER T27176/2003 PASSED IN FAVOUR OF NOMALANGA JOSEPHINE RADEBE, IDENTITY NUMBER 650902 0402 083 UNMARRIED, IN RESPECT OF CERTAIN ERF 1260 NGWATHE EXTENSION 1, DISTRICT KROONSTAD, FREE STATE PROVINCE WHICH HAS BEEN LOST OR DESTROYED, APPLICANT: N J RADEBE
11. DEED OF TRANSFER T15033/1999 PASSED IN FAVOUR OF BASI AMOS THELETSANE, IDENTITY NUMBER 590211 5826 085 AND MADITABA MARIA THELETSANE, IDENTITY NUMBER 610808 0857 086, MARRIED IN COMMUNITY OF PROPERTY TO EACH OTHER, IN RESPECT OF CERTAIN ERF 1261, NGWATHE EXTENSION 1, DISTRICT KROONSTAD, FREE STATE PROVINCE WHICH HAS BEEN LOST OR DESTROYED, APPLICANT: B A & M M THELETSANE
12. DEED OF TRANSFER T4914/2001 PASSED IN FAVOUR OF SELOANE ELISA

CHAKA, IDENTITY NUMBER 390218 0209 086, UNMARRIED, IN RESPECT OF CERTAIN ERF 1262, NGWATHE EXTENSION 1, DISTRICT KROONSTAD, FREE STATE PROVINCE WHICH HAS BEEN LOST OR DESTROYED, APPLICANT: S E CHAKA

13. DEED OF TRANSFER T14857/1999 PASSED IN FAVOUR OF MANTSO AGNES RAMABITSA, IDENTITY NUMBER 590913 0629 085, UNMARRIED, IN RESPECT OF CERTAIN ERF 1277, NGWATHE EXTENSION 1, DISTRICT KROONSTAD, FREE STATE PROVINCE WHICH HAS BEEN LOST OR DESTROYED, APPLICANT: M A RAMABITSA
14. DEED OF TRANSFER T14859/1999 PASSED IN FAVOUR OF MAMOSEBETSI ALBERTINA MAHOANA, IDENTITY NUMBER 620418 0527 089, UNMARRIED, IN RESPECT OF CERTAIN ERF 1286, NGWATHE EXTENSION 1, DISTRICT KROONSTAD, FREE STATE PROVINCE WHICH HAS BEEN LOST OR DESTROYED, APPLICANT: M A MAHOANA
15. DEED OF TRANSFER T15062/1999 PASSED IN FAVOUR OF MALIJENG SELINA MASUOE, IDENTITY NUMBER 421104 0123 084, UNMARRIED, IN RESPECT OF CERTAIN ERF 1293, NGWATHE EXTENSION 1, DISTRICT KROONSTAD, FREE STATE PROVINCE WHICH HAS BEEN LOST OR DESTROYED, APPLICANT: M S MOSUOE
16. DEED OF TRANSFER T14843/1999 PASSED IN FAVOUR OF NGAKA PETRUS MADUNA, IDENTITY NUMBER 531115 5573 088 AND MASABATA MARIA MADUNA, IDENTITY NUMBER 571119 0242 088, MARRIED IN COMMUNITY OF PROPERTY TO EACH OTHER, IN RESPECT OF CERTAIN ERF 1302, NGWATHE EXTENSION 1, DISTRICT KROONSTAD, FREE STATE PROVINCE WHICH HAS BEEN LOST OR DESTROYED, APPLICANT: NP & MM MADUNA
17. DEED OF TRANSFER T39162/2000 PASSED IN FAVOUR OF MPHEHLOANE MESHACK TSHI, IDENTITY NUMBER 631118 5382 089, UNMARRIED, IN RESPECT OF CERTAIN ERF 1303, NGWATHE EXTENSION 1, DISTRICT KROONSTAD, FREE STATE PROVINCE WHICH HAS BEEN LOST OR DESTROYED, APPLICANT: M M TSHI
18. DEED OF TRANSFER T15739/1999 PASSED IN FAVOUR OF MVIMBE ARIEL MBATHA, IDENTITY NUMBER 610914 5545 086 AND LIEKETSENG ANNA MBATHA, IDENTITY NUMBER 630917 0552 085, MARRIED IN COMMUNITY OF PROPERTY TO EACH OTHER, IN RESPECT OF CERTAIN ERF 1308, NGWATHE EXTENSION 1, DISTRICT KROONSTAD, FREE STATE PROVINCE WHICH HAS BEEN LOST OR DESTROYED, APPLICANT: M A & L A MBATHA
19. DEED OF TRANSFER T22294/2009 PASSED IN FAVOUR OF POPA MOFOKENG, IDENTITY NUMBER 420815 0181 084, UNMARRIED, IN RESPECT OF CERTAIN ERF 1314, NGWATHE EXTENSION 1, DISTRICT KROONSTAD, FREE STATE PROVINCE WHICH HAS BEEN LOST OR DESTROYED, APPLICANT: P MOFOKENG
20. DEED OF TRANSFER T14868/1999 PASSED IN FAVOUR OF TLALENG MARI JINIKA, IDENTITY NUMBER 510108 0397 087, UNMARRIED, IN RESPECT OF CERTAIN ERF 1326, NGWATHE EXTENSION 1, DISTRICT KROONSTAD, FREE STATE PROVINCE WHICH HAS BEEN LOST OR DESTROYED, APPLICANT: T M JINIKA
21. DEED OF TRANSFER T14862/1999 PASSED IN FAVOUR OF RAMPABANE ZACHARIA RAKHALE, IDENTITY NUMBER 640123 5323 080, UNMARRIED, IN RESPECT OF CERTAIN ERF 1338, NGWATHE EXTENSION 1, DISTRICT KROONSTAD, FREE STATE PROVINCE WHICH HAS BEEN LOST OR DESTROYED, APPLICANT: R Z RAKHALE
22. DEED OF TRANSFER T32919/2003 PASSED IN FAVOUR OF RADIEKETSENG JOSEPH LEPHUTHING, IDENTITY NUMBER 691211 5538 086, UNMARRIED, IN RESPECT OF CERTAIN ERF 1352, NGWATHE EXTENSION 1, DISTRICT KROONSTAD, FREE STATE PROVINCE WHICH HAS BEEN LOST OR DESTROYED, APPLICANT: R J LEPHUTHING
23. DEED OF TRANSFER T39177/2000 PASSED IN FAVOUR OF ZEANDISILE JACOB KOMKAZI, IDENTITY NUMBER 710211 5420 082, UNMARRIED, IN RESPECT OF CERTAIN ERF 1389, NGWATHE EXTENSION 1, DISTRICT KROONSTAD, FREE STATE PROVINCE WHICH HAS BEEN LOST OR DESTROYED, APPLICANT: Z J KOMKAZI
24. DEED OF TRANSFER T15735/1999 PASSED IN FAVOUR OF BILLYBOY JOHANNES MBATHA, IDENTITY NUMBER 511107 5448 080 AND NTOMBIFONDO ROSSY MBATHA, IDENTITY NUMBER 600814 0386 084, MARRIED IN COMMUNITY OF PROPERTY TO EACH OTHER, IN RESPECT OF CERTAIN ERF 1390, NGWATHE EXTENSION 1, DISTRICT KROONSTAD, FREE STATE PROVINCE WHICH HAS BEEN LOST OR DESTROYED, APPLICANT: BJ & NR MBATHA

ALL INTERESTED PERSONS HAVING OBJECTION TO THE ISSUE OF SUCH COPIES ARE HEREBY REQUIRED TO LODGE THE SAME IN WRITING WITH THE REGISTRAR OF DEEDS AT BLOEMFONTEIN WITHIN TWO WEEKS FROM THE DATE OF THE PUBLICATION OF THIS NOTICE.

DATED AT PARYS THIS 15TH DAY OF DECEMBER 2020.

LOST OR DESTROYED DEEDS

NOTICE IS HEREBY GIVEN IN TERMS OF REGULATION 68 OF THE DEEDS REGISTRIES ACT, 1937, OF THE INTENTION TO APPLY FOR THE ISSUE OF CERTIFIED COPIES OF :

1. DEED OF TRANSFER TE4355/2000 PASSED IN FAVOUR OF NTSHEMENE JACOB LUMGA, IDENTITY NUMBER 550829 5283 086, MARRIED OUT OF COMMUNITY OF PROPERTY, IN RESPECT OF CERTAIN ERF 1311, MOKWALLO, DISTRICT VREDEFORT, FREE STATE PROVINCE WHICH HAS BEEN LOST OR DESTROYED, APPLICANT: N J LUMGA
2. DEED OF TRANSFER T19153/2009 PASSED IN FAVOUR OF VUYELA ELIZABETH NYELIKA, IDENTITY NUMBER 531222 0227 080, AND LIPHOKO ANDRIES PHIRI IDENTITY NUMBER: 480101 6533 082, MARRIED IN COMMUNITY OF PROPERTY TO EACH OTHER, IN RESPECT OF CERTAIN ERF 2124 MOKWALLO EXTENSION 2, DISTRICT VREDEFORT, FREE STATE PROVINCE WHICH HAS BEEN LOST OR DESTROYED, APPLICANT: VE NYELIKA.
3. DEED OF TRANSFER T32192/2004 PASSED IN FAVOUR OF LANGA MESHACK MBELE, IDENTITY NUMBER 620904 5990 08 3, MARRIED OUT OF COMMUNITY OF PROPERTY IN RESPECT OF CERTAIN ERF 2442 MOKWALLO EXTENSION 2, DISTRICT VREDEFORT, FREE STATE PROVINCE WHICH HAS BEEN LOST OR DESTROYED, APPLICANT : L.M & MM MBELE

ALL INTERESTED PERSONS HAVING OBJECTION TO THE ISSUE OF SUCH COPIES ARE HEREBY REQUIRED TO LODGE THE SAME IN WRITING WITH THE REGISTRAR OF DEEDS AT BLOEMFONTEIN WITHIN TWO WEEKS FROM THE DATE OF THE PUBLICATION OF THIS NOTICE.

DATED AT PARYS THIS 15TH DAY OF DECEMBER 2020.

LOST OR DESTROYED DEEDS

NOTICE IS HEREBY GIVEN IN TERMS OF REGULATION 68 OF THE DEEDS REGISTRIES ACT, 1937, OF THE INTENTION TO APPLY FOR THE ISSUE OF CERTIFIED COPIES OF :

1. DEED OF TRANSFER T5022/2018 PASSED IN FAVOUR OF TSABENG SYLVIA MAKHOE, IDENTITY NUMBER 720718 0624 08 5, UNMARRIED, IN RESPECT OF CERTAIN ERF 271, TUMAHOLE, DISTRICT PARYS, FREE STATE PROVINCE WHICH HAS BEEN LOST OR DESTROYED, APPLICANT T S MAKHOE
2. DEED OF TRANSFER TE5023/2018 PASSED IN FAVOUR OF MATIAKALA ELIZABETH NAALE, IDENTITY NUMBER 480928 0669 08 6, UNMARRIED, IN RESPECT OF CERTAIN ERF 388, TUMAHOLE, DISTRICT PARYS, FREE STATE PROVINCE WHICH HAS BEEN LOST OR DESTROYED, APPLICANT M E NAALE
3. DEED OF TRANSFER TE7301/201 PASSED IN FAVOUR OF TSELENG JOHANNA MGAVU, IDENTITY NUMBER 530804 0689 08 7, UNMARRIED, IN RESPECT OF CERTAIN ERF 1674, TUMAHOLE, DISTRICT PARYS, FREE STATE PROVINCE WHICH HAS BEEN LOST OR DESTROYED, APPLICANT J MGAVU
4. DEED OF TRANSFER TE7303/2018 PASSED IN FAVOUR OF NOMATHIPU ALINA HLATI, IDENTITY NUMBER 530408 0788 08 7, UNMARRIED, IN RESPECT OF CERTAIN ERF 1830, TUMAHOLE, DISTRICT PARYS, FREE STATE PROVINCE WHICH HAS BEEN LOST OR DESTROYED, APPLICANT
5. DEED OF TRANSFER TE2080/2018 PASSED IN FAVOUR OF MOEKETSI DANIEL NOLO, IDENTITY NUMBER 640808533084, AND SEKGAMETSI NERIA EVA NOLA RESPECT OF CERTAIN ERF 6060, TUMAHOLE EXTENSION 4, DISTRICT PARYS, FREE STATE PROVINCE WHICH HAS BEEN LOST OR DESTROYED, APPLICANT
6. DEED OF TRANSFER T7420/2018 PASSED IN FAVOUR OF PELAHE MOSES MOKHACHANE, IDENTITY NUMBER 700107 5392 08 5, UNMARRIED, IN RESPECT OF CERTAIN ERF 12801, TUMAHOLE EXTENSION 6, DISTRICT PARYS, FREE STATE PROVINCE WHICH HAS BEEN LOST OR DESTROYED, APPLICANT

ALL INTERESTED PERSONS HAVING OBJECTION TO THE ISSUE OF SUCH COPIES ARE HEREBY REQUIRED TO LODGE THE SAME IN WRITING WITH THE REGISTRAR OF DEEDS AT BLOEMFONTEIN WITHIN TWO WEEKS FROM THE DATE OF THE PUBLICATION OF THIS NOTICE.

DATED AT PARYS THIS 15TH DAY OF DECEMBER 2020.

DU TOIT MANDELSTAM ATTORNEYS
63 BOLT STREET, PARYS 9585
MCD@DMINC.CO.ZA
CONTACT NUMBER: 056 811 2181
KENNISGEWINGS • NOTICES
